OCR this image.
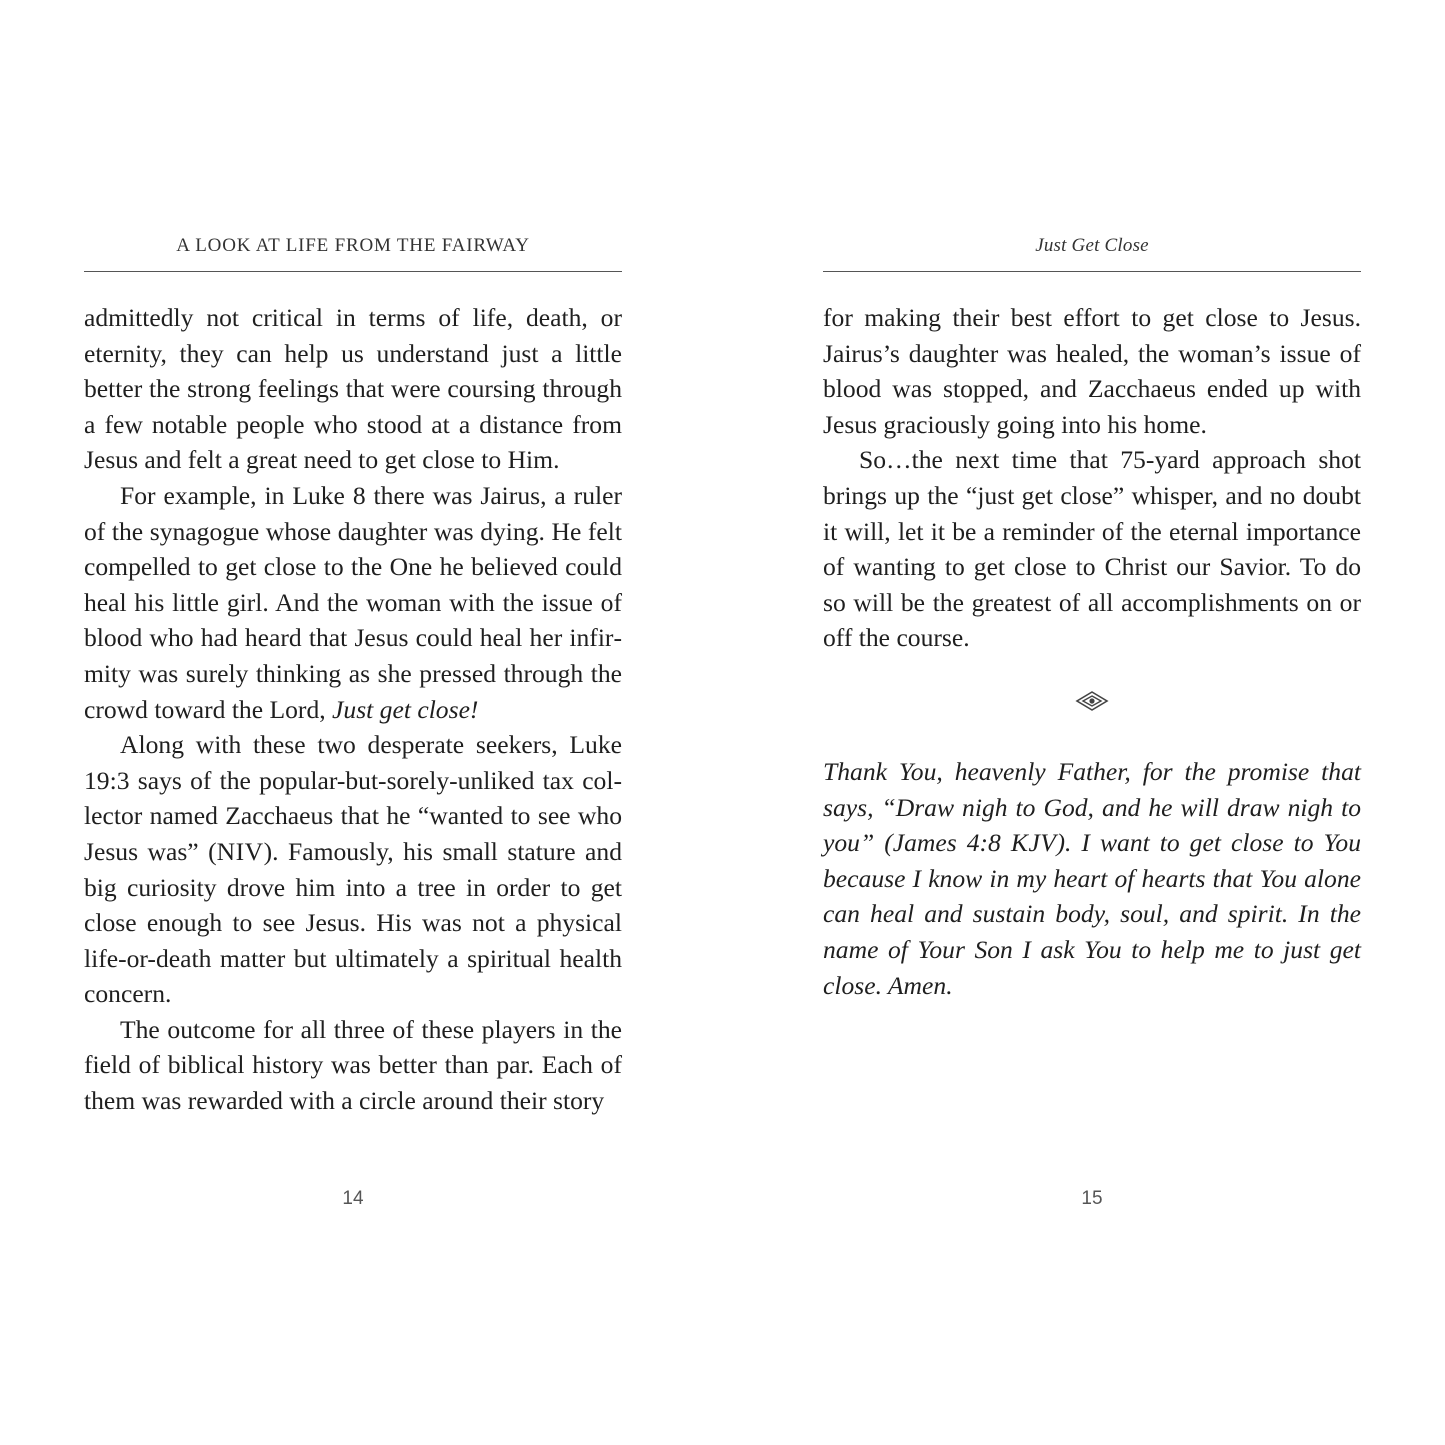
A LOOK AT LIFE FROM THE FAIRWAY

admittedly not critical in terms of life, death, or eternity, they can help us understand just a little better the strong feelings that were coursing through a few notable people who stood at a distance from Jesus and felt a great need to get close to Him.

For example, in Luke 8 there was Jairus, a ruler of the synagogue whose daughter was dying. He felt compelled to get close to the One he believed could heal his little girl. And the woman with the issue of blood who had heard that Jesus could heal her infirmity was surely thinking as she pressed through the crowd toward the Lord, Just get close!

Along with these two desperate seekers, Luke 19:3 says of the popular-but-sorely-unliked tax collector named Zacchaeus that he “wanted to see who Jesus was” (NIV). Famously, his small stature and big curiosity drove him into a tree in order to get close enough to see Jesus. His was not a physical life-or-death matter but ultimately a spiritual health concern.

The outcome for all three of these players in the field of biblical history was better than par. Each of them was rewarded with a circle around their story

14
Just Get Close

for making their best effort to get close to Jesus. Jairus’s daughter was healed, the woman’s issue of blood was stopped, and Zacchaeus ended up with Jesus graciously going into his home.

So…the next time that 75-yard approach shot brings up the “just get close” whisper, and no doubt it will, let it be a reminder of the eternal importance of wanting to get close to Christ our Savior. To do so will be the greatest of all accomplishments on or off the course.

Thank You, heavenly Father, for the promise that says, “Draw nigh to God, and he will draw nigh to you” (James 4:8 KJV). I want to get close to You because I know in my heart of hearts that You alone can heal and sustain body, soul, and spirit. In the name of Your Son I ask You to help me to just get close. Amen.

15
